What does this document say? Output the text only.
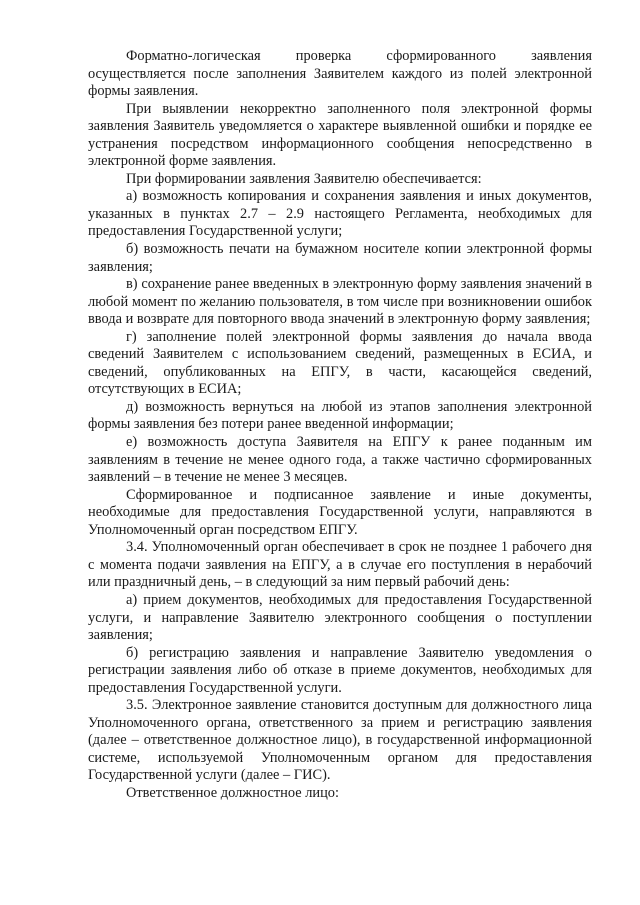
Форматно-логическая проверка сформированного заявления осуществляется после заполнения Заявителем каждого из полей электронной формы заявления.

При выявлении некорректно заполненного поля электронной формы заявления Заявитель уведомляется о характере выявленной ошибки и порядке ее устранения посредством информационного сообщения непосредственно в электронной форме заявления.

При формировании заявления Заявителю обеспечивается:

а) возможность копирования и сохранения заявления и иных документов, указанных в пунктах 2.7 – 2.9 настоящего Регламента, необходимых для предоставления Государственной услуги;

б) возможность печати на бумажном носителе копии электронной формы заявления;

в) сохранение ранее введенных в электронную форму заявления значений в любой момент по желанию пользователя, в том числе при возникновении ошибок ввода и возврате для повторного ввода значений в электронную форму заявления;

г) заполнение полей электронной формы заявления до начала ввода сведений Заявителем с использованием сведений, размещенных в ЕСИА, и сведений, опубликованных на ЕПГУ, в части, касающейся сведений, отсутствующих в ЕСИА;

д) возможность вернуться на любой из этапов заполнения электронной формы заявления без потери ранее введенной информации;

е) возможность доступа Заявителя на ЕПГУ к ранее поданным им заявлениям в течение не менее одного года, а также частично сформированных заявлений – в течение не менее 3 месяцев.

Сформированное и подписанное заявление и иные документы, необходимые для предоставления Государственной услуги, направляются в Уполномоченный орган посредством ЕПГУ.

3.4. Уполномоченный орган обеспечивает в срок не позднее 1 рабочего дня с момента подачи заявления на ЕПГУ, а в случае его поступления в нерабочий или праздничный день, – в следующий за ним первый рабочий день:

а) прием документов, необходимых для предоставления Государственной услуги, и направление Заявителю электронного сообщения о поступлении заявления;

б) регистрацию заявления и направление Заявителю уведомления о регистрации заявления либо об отказе в приеме документов, необходимых для предоставления Государственной услуги.

3.5. Электронное заявление становится доступным для должностного лица Уполномоченного органа, ответственного за прием и регистрацию заявления (далее – ответственное должностное лицо), в государственной информационной системе, используемой Уполномоченным органом для предоставления Государственной услуги (далее – ГИС).

Ответственное должностное лицо:
